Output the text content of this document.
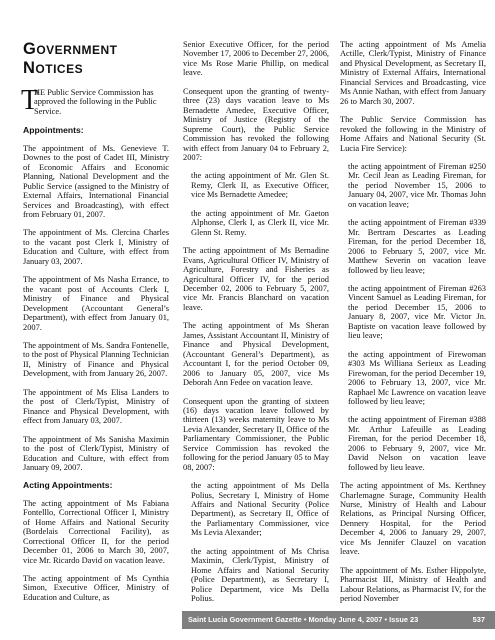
Government
Notices
T
HE Public Service Commission has approved the following in the Public Service.
Appointments:

The appointment of Ms. Genevieve T. Downes to the post of Cadet III, Ministry of Economic Affairs and Economic Planning, National Development and the Public Service (assigned to the Ministry of External Affairs, International Financial Services and Broadcasting), with effect from February 01, 2007.

The appointment of Ms. Clercina Charles to the vacant post Clerk I, Ministry of Education and Culture, with effect from January 03, 2007.

The appointment of Ms Nasha Errance, to the vacant post of Accounts Clerk I, Ministry of Finance and Physical Development (Accountant General’s Department), with effect from January 01, 2007.

The appointment of Ms. Sandra Fontenelle, to the post of Physical Planning Technician II, Ministry of Finance and Physical Development, with from January 26, 2007.

The appointment of Ms Elisa Landers to the post of Clerk/Typist, Ministry of Finance and Physical Development, with effect from January 03, 2007.

The appointment of Ms Sanisha Maximin to the post of Clerk/Typist, Ministry of Education and Culture, with effect from January 09, 2007.

Acting Appointments:

The acting appointment of Ms Fabiana Fontelllo, Correctional Officer I, Ministry of Home Affairs and National Security (Bordelais Correctional Facility), as Correctional Officer II, for the period December 01, 2006 to March 30, 2007, vice Mr. Ricardo David on vacation leave.

The acting appointment of Ms Cynthia Simon, Executive Officer, Ministry of Education and Culture, as

Senior Executive Officer, for the period November 17, 2006 to December 27, 2006, vice Ms Rose Marie Phillip, on medical leave.

Consequent upon the granting of twenty-three (23) days vacation leave to Ms Bernadette Amedee, Executive Officer, Ministry of Justice (Registry of the Supreme Court), the Public Service Commission has revoked the following with effect from January 04 to February 2, 2007:

the acting appointment of Mr. Glen St. Remy, Clerk II, as Executive Officer, vice Ms Bernadette Amedee;

the acting appointment of Mr. Gaeton Alphonse, Clerk I, as Clerk II, vice Mr. Glenn St. Remy.

The acting appointment of Ms Bernadine Evans, Agricultural Officer IV, Ministry of Agriculture, Forestry and Fisheries as Agricultural Officer IV, for the period December 02, 2006 to February 5, 2007, vice Mr. Francis Blanchard on vacation leave.

The acting appointment of Ms Sheran James, Assistant Accountant II, Ministry of Finance and Physical Development, (Accountant General’s Department), as Accountant I, for the period October 09, 2006 to January 05, 2007, vice Ms Deborah Ann Fedee on vacation leave.

Consequent upon the granting of sixteen (16) days vacation leave followed by thirteen (13) weeks maternity leave to Ms Levia Alexander, Secretary II, Office of the Parliamentary Commissioner, the Public Service Commission has revoked the following for the period January 05 to May 08, 2007:

the acting appointment of Ms Della Polius, Secretary I, Ministry of Home Affairs and National Security (Police Department), as Secretary II, Office of the Parliamentary Commissioner, vice Ms Levia Alexander;

the acting appointment of Ms Chrisa Maximin, Clerk/Typist, Ministry of Home Affairs and National Security (Police Department), as Secretary I, Police Department, vice Ms Della Polius.

The acting appointment of Ms Amelia Actille, Clerk/Typist, Ministry of Finance and Physical Development, as Secretary II, Ministry of External Affairs, International Financial Services and Broadcasting, vice Ms Annie Nathan, with effect from January 26 to March 30, 2007.

The Public Service Commission has revoked the following in the Ministry of Home Affairs and National Security (St. Lucia Fire Service):

the acting appointment of Fireman #250 Mr. Cecil Jean as Leading Fireman, for the period November 15, 2006 to January 04, 2007, vice Mr. Thomas John on vacation leave;

the acting appointment of Fireman #339 Mr. Bertram Descartes as Leading Fireman, for the period December 18, 2006 to February 5, 2007, vice Mr. Matthew Severin on vacation leave followed by lieu leave;

the acting appointment of Fireman #263 Vincent Samuel as Leading Fireman, for the period December 15, 2006 to January 8, 2007, vice Mr. Victor Jn. Baptiste on vacation leave followed by lieu leave;

the acting appointment of Firewoman #303 Ms Williana Serieux as Leading Firewoman, for the period December 19, 2006 to February 13, 2007, vice Mr. Raphael Mc Lawrence on vacation leave followed by lieu leave;

the acting appointment of Fireman #388 Mr. Arthur Lafeuille as Leading Fireman, for the period December 18, 2006 to February 9, 2007, vice Mr. David Nelson on vacation leave followed by lieu leave.

The acting appointment of Ms. Kerthney Charlemagne Surage, Community Health Nurse, Ministry of Health and Labour Relations, as Principal Nursing Officer, Dennery Hospital, for the Period December 4, 2006 to January 29, 2007, vice Ms Jennifer Clauzel on vacation leave.

The appointment of Ms. Esther Hippolyte, Pharmacist III, Ministry of Health and Labour Relations, as Pharmacist IV, for the period November

Saint Lucia Government Gazette • Monday June 4, 2007 • Issue 23	537
